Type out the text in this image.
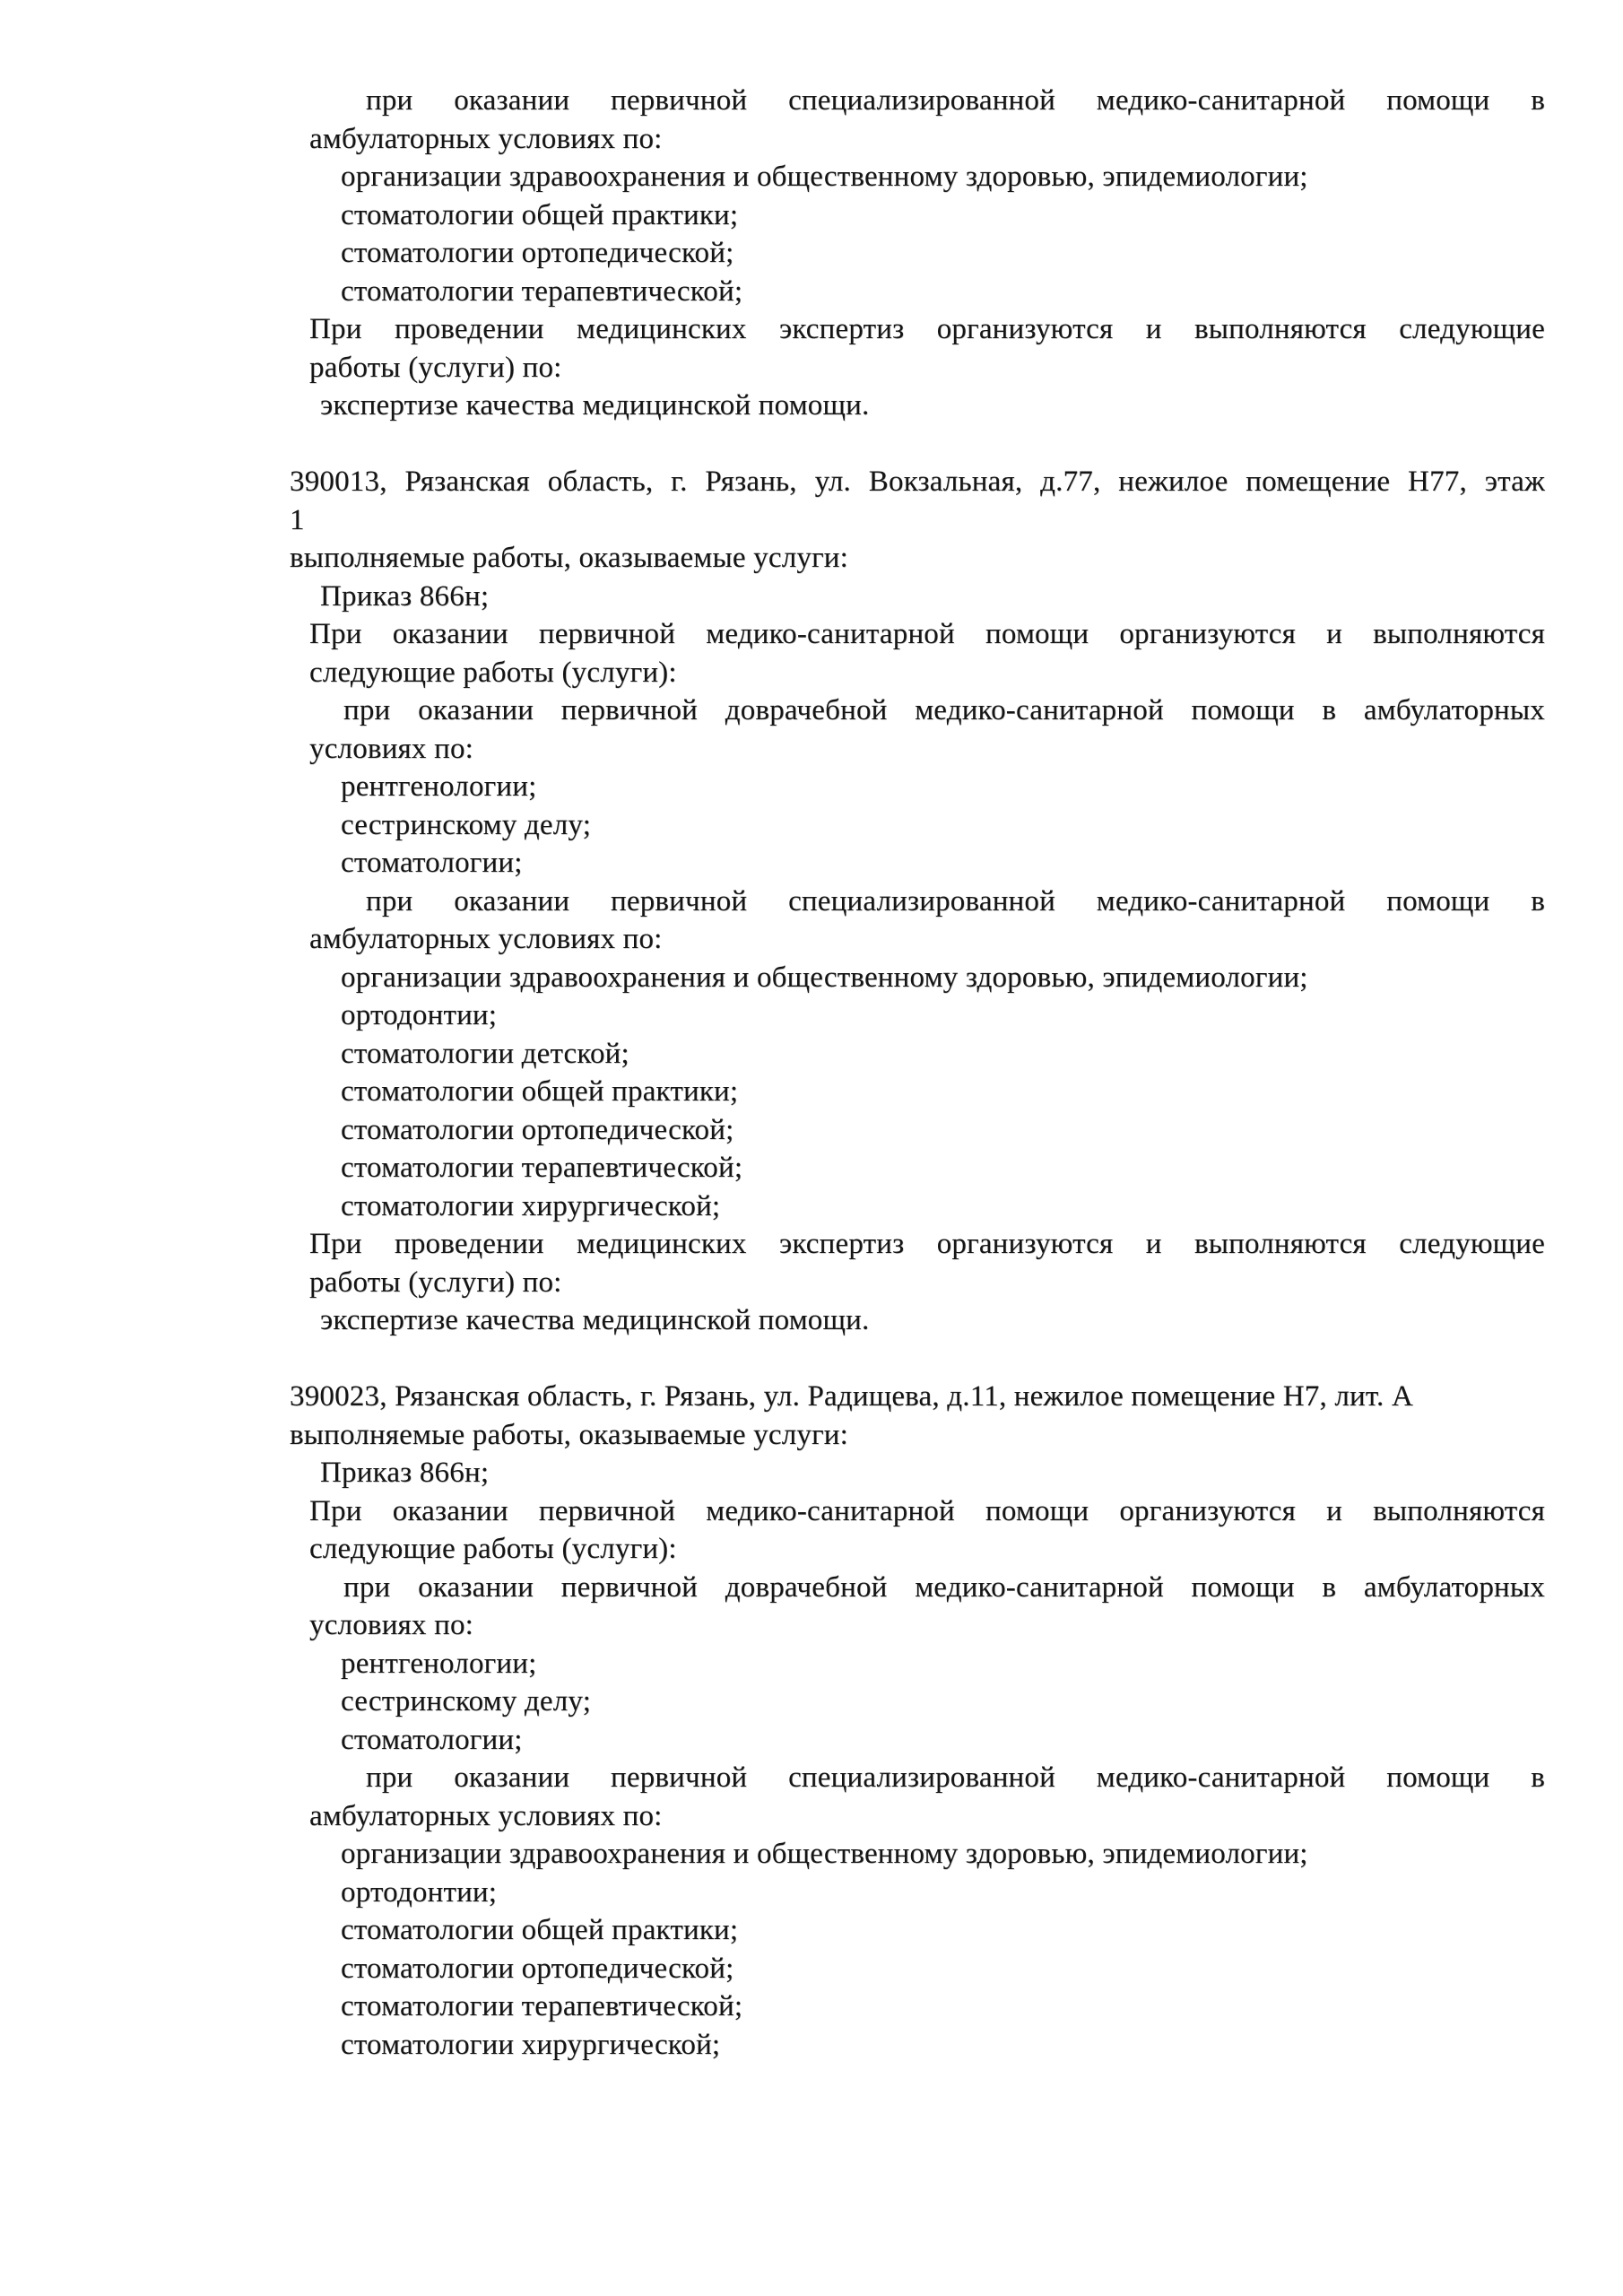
при оказании первичной специализированной медико-санитарной помощи в
амбулаторных условиях по:
организации здравоохранения и общественному здоровью, эпидемиологии;
стоматологии общей практики;
стоматологии ортопедической;
стоматологии терапевтической;
При проведении медицинских экспертиз организуются и выполняются следующие
работы (услуги) по:
экспертизе качества медицинской помощи.
390013, Рязанская область, г. Рязань, ул. Вокзальная, д.77, нежилое помещение Н77, этаж
1
выполняемые работы, оказываемые услуги:
Приказ 866н;
При оказании первичной медико-санитарной помощи организуются и выполняются
следующие работы (услуги):
при оказании первичной доврачебной медико-санитарной помощи в амбулаторных
условиях по:
рентгенологии;
сестринскому делу;
стоматологии;
при оказании первичной специализированной медико-санитарной помощи в
амбулаторных условиях по:
организации здравоохранения и общественному здоровью, эпидемиологии;
ортодонтии;
стоматологии детской;
стоматологии общей практики;
стоматологии ортопедической;
стоматологии терапевтической;
стоматологии хирургической;
При проведении медицинских экспертиз организуются и выполняются следующие
работы (услуги) по:
экспертизе качества медицинской помощи.
390023, Рязанская область, г. Рязань, ул. Радищева, д.11, нежилое помещение Н7, лит. А
выполняемые работы, оказываемые услуги:
Приказ 866н;
При оказании первичной медико-санитарной помощи организуются и выполняются
следующие работы (услуги):
при оказании первичной доврачебной медико-санитарной помощи в амбулаторных
условиях по:
рентгенологии;
сестринскому делу;
стоматологии;
при оказании первичной специализированной медико-санитарной помощи в
амбулаторных условиях по:
организации здравоохранения и общественному здоровью, эпидемиологии;
ортодонтии;
стоматологии общей практики;
стоматологии ортопедической;
стоматологии терапевтической;
стоматологии хирургической;
